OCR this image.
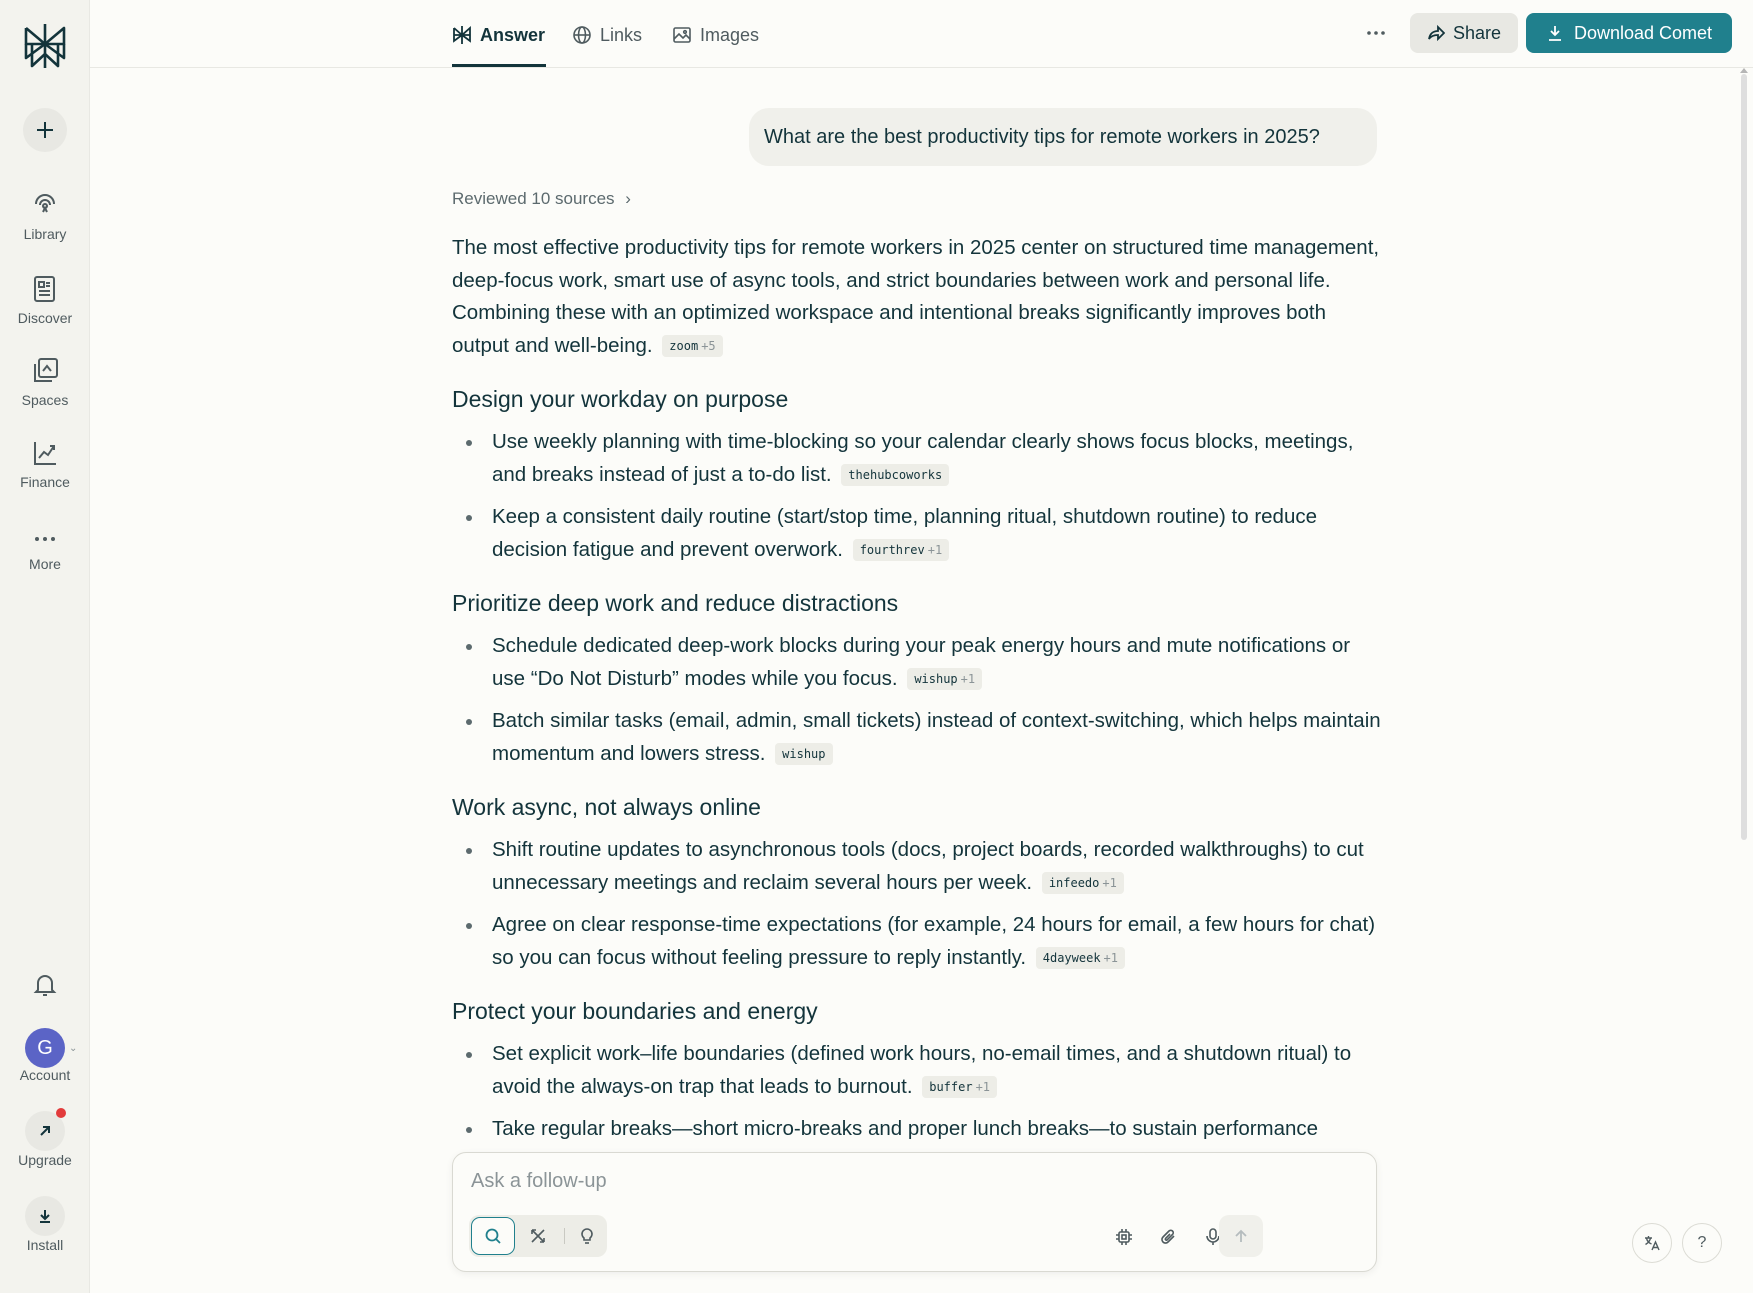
Library
Discover
Spaces
Finance
More
G	⌄
Account
Upgrade
Install
Answer	Links	Images	Share	Download Comet
What are the best productivity tips for remote workers in 2025?
Reviewed 10 sources ›

The most effective productivity tips for remote workers in 2025 center on structured time management, deep-focus work, smart use of async tools, and strict boundaries between work and personal life. Combining these with an optimized workspace and intentional breaks significantly improves both output and well-being. zoom +5

Design your workday on purpose
Use weekly planning with time-blocking so your calendar clearly shows focus blocks, meetings, and breaks instead of just a to-do list. thehubcoworks
Keep a consistent daily routine (start/stop time, planning ritual, shutdown routine) to reduce decision fatigue and prevent overwork. fourthrev +1
Prioritize deep work and reduce distractions
Schedule dedicated deep-work blocks during your peak energy hours and mute notifications or use “Do Not Disturb” modes while you focus. wishup +1
Batch similar tasks (email, admin, small tickets) instead of context-switching, which helps maintain momentum and lowers stress. wishup
Work async, not always online
Shift routine updates to asynchronous tools (docs, project boards, recorded walkthroughs) to cut unnecessary meetings and reclaim several hours per week. infeedo +1
Agree on clear response-time expectations (for example, 24 hours for email, a few hours for chat) so you can focus without feeling pressure to reply instantly. 4dayweek +1
Protect your boundaries and energy
Set explicit work–life boundaries (defined work hours, no-email times, and a shutdown ritual) to avoid the always-on trap that leads to burnout. buffer +1
Take regular breaks—short micro-breaks and proper lunch breaks—to sustain performance
Ask a follow-up
?
